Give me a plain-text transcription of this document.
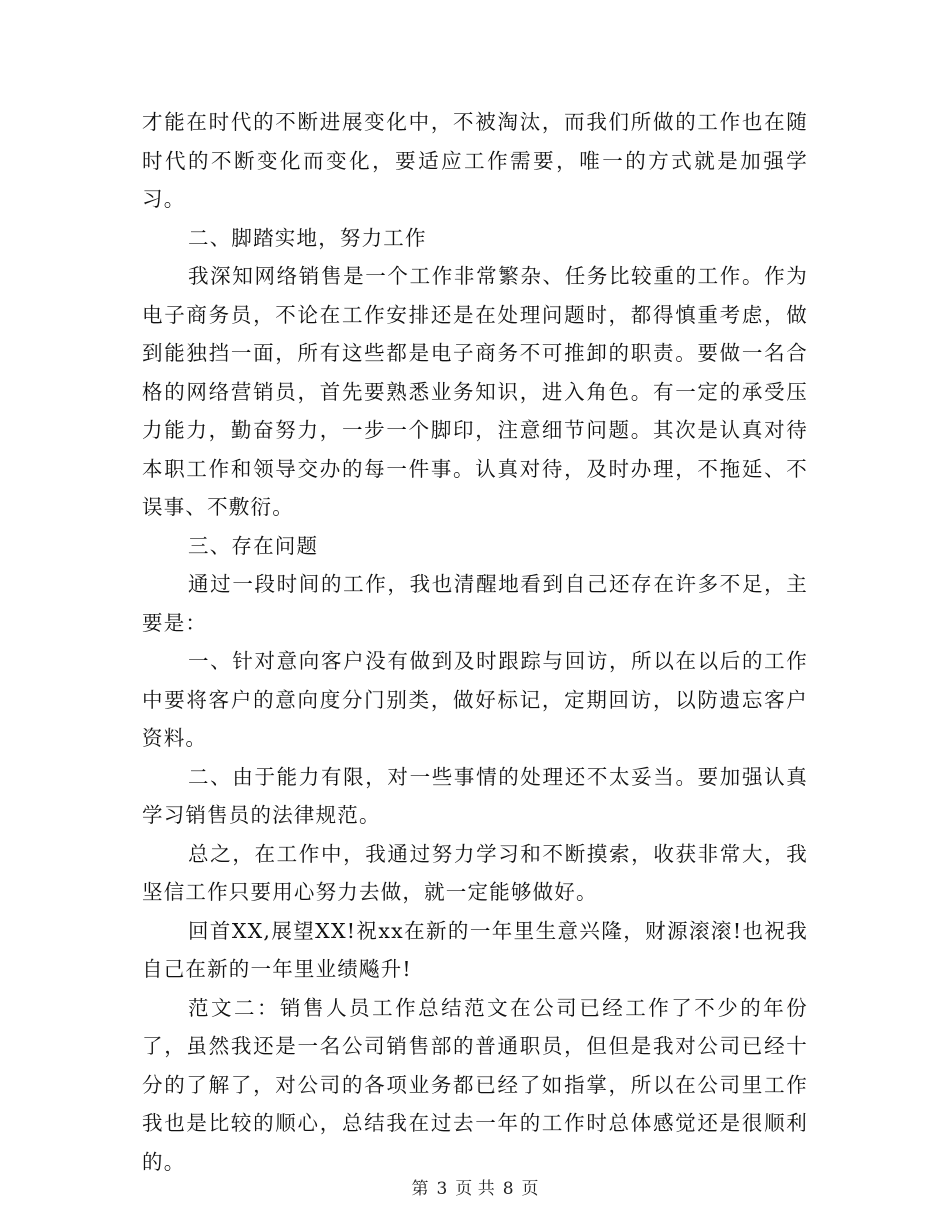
才能在时代的不断进展变化中，不被淘汰，而我们所做的工作也在随时代的不断变化而变化，要适应工作需要，唯一的方式就是加强学习。

二、脚踏实地，努力工作

我深知网络销售是一个工作非常繁杂、任务比较重的工作。作为电子商务员，不论在工作安排还是在处理问题时，都得慎重考虑，做到能独挡一面，所有这些都是电子商务不可推卸的职责。要做一名合格的网络营销员，首先要熟悉业务知识，进入角色。有一定的承受压力能力，勤奋努力，一步一个脚印，注意细节问题。其次是认真对待本职工作和领导交办的每一件事。认真对待，及时办理，不拖延、不误事、不敷衍。

三、存在问题

通过一段时间的工作，我也清醒地看到自己还存在许多不足，主要是：

一、针对意向客户没有做到及时跟踪与回访，所以在以后的工作中要将客户的意向度分门别类，做好标记，定期回访，以防遗忘客户资料。

二、由于能力有限，对一些事情的处理还不太妥当。要加强认真学习销售员的法律规范。

总之，在工作中，我通过努力学习和不断摸索，收获非常大，我坚信工作只要用心努力去做，就一定能够做好。

回首XX,展望XX!祝xx在新的一年里生意兴隆，财源滚滚!也祝我自己在新的一年里业绩飚升!

范文二：销售人员工作总结范文在公司已经工作了不少的年份了，虽然我还是一名公司销售部的普通职员，但但是我对公司已经十分的了解了，对公司的各项业务都已经了如指掌，所以在公司里工作我也是比较的顺心，总结我在过去一年的工作时总体感觉还是很顺利的。

第 3 页 共 8 页
